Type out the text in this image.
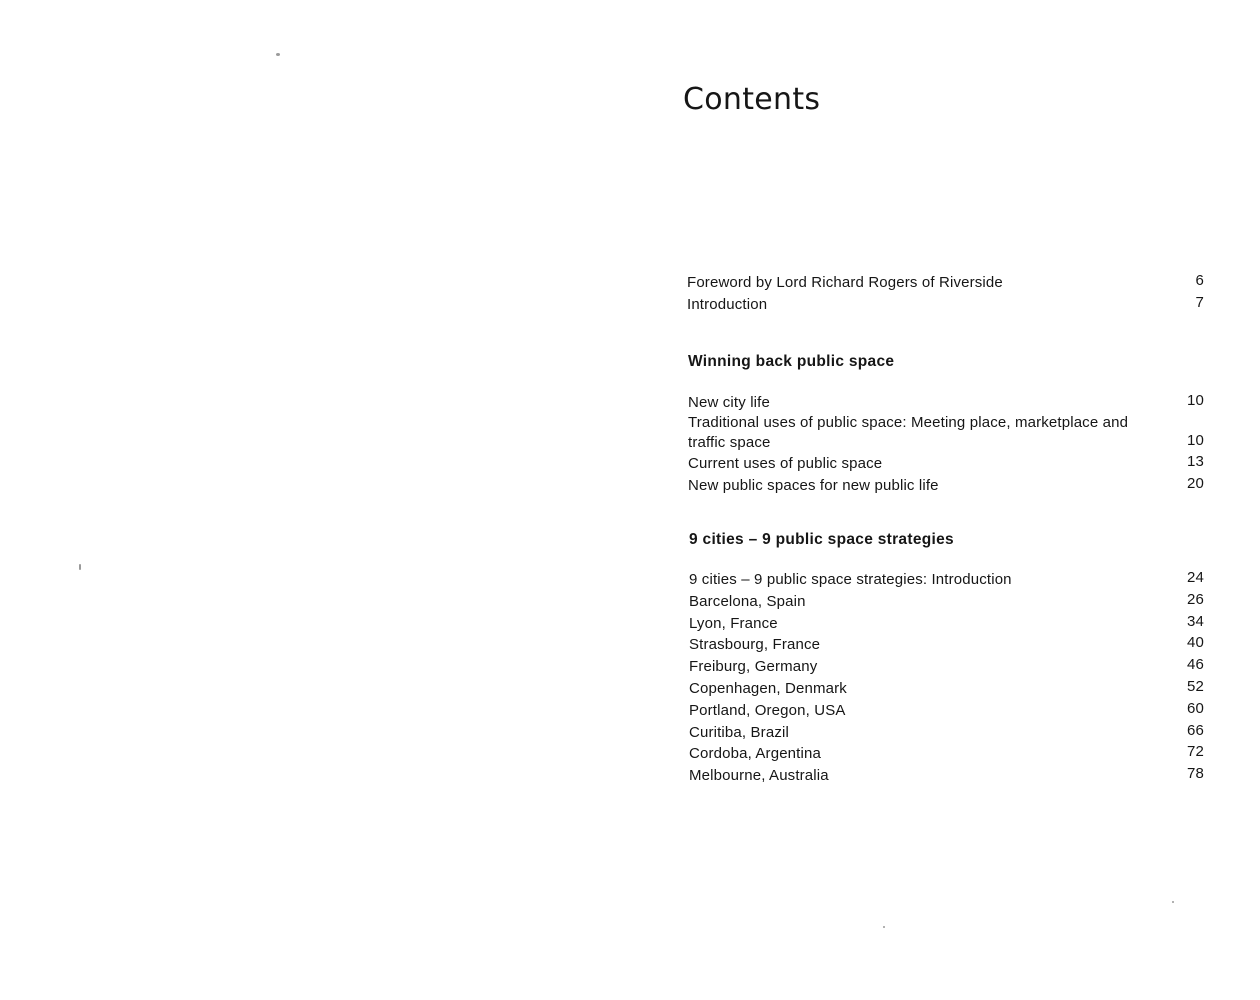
Contents
Foreword by Lord Richard Rogers of Riverside	6
Introduction	7
Winning back public space
New city life	10
Traditional uses of public space: Meeting place, marketplace and traffic space	10
Current uses of public space	13
New public spaces for new public life	20
9 cities – 9 public space strategies
9 cities – 9 public space strategies: Introduction	24
Barcelona, Spain	26
Lyon, France	34
Strasbourg, France	40
Freiburg, Germany	46
Copenhagen, Denmark	52
Portland, Oregon, USA	60
Curitiba, Brazil	66
Cordoba, Argentina	72
Melbourne, Australia	78
